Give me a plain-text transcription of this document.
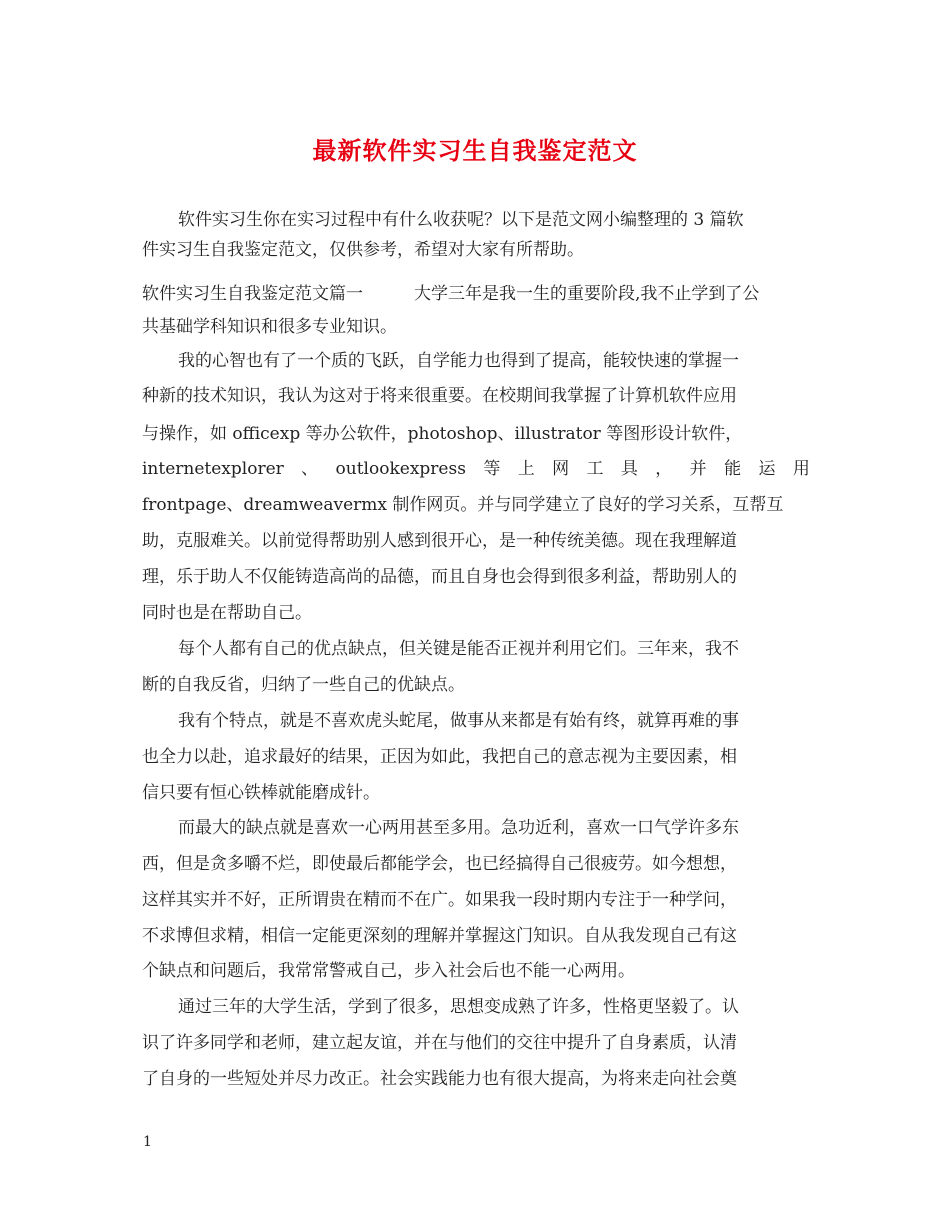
最新软件实习生自我鉴定范文
软件实习生你在实习过程中有什么收获呢？以下是范文网小编整理的 3 篇软
件实习生自我鉴定范文，仅供参考，希望对大家有所帮助。
软件实习生自我鉴定范文篇一　　　大学三年是我一生的重要阶段,我不止学到了公
共基础学科知识和很多专业知识。
我的心智也有了一个质的飞跃，自学能力也得到了提高，能较快速的掌握一
种新的技术知识，我认为这对于将来很重要。在校期间我掌握了计算机软件应用
与操作，如 officexp 等办公软件，photoshop、illustrator 等图形设计软件，
internetexplorer 、 outlookexpress 等 上 网 工 具 ， 并 能 运 用
frontpage、dreamweavermx 制作网页。并与同学建立了良好的学习关系，互帮互
助，克服难关。以前觉得帮助别人感到很开心，是一种传统美德。现在我理解道
理，乐于助人不仅能铸造高尚的品德，而且自身也会得到很多利益，帮助别人的
同时也是在帮助自己。
每个人都有自己的优点缺点，但关键是能否正视并利用它们。三年来，我不
断的自我反省，归纳了一些自己的优缺点。
我有个特点，就是不喜欢虎头蛇尾，做事从来都是有始有终，就算再难的事
也全力以赴，追求最好的结果，正因为如此，我把自己的意志视为主要因素，相
信只要有恒心铁棒就能磨成针。
而最大的缺点就是喜欢一心两用甚至多用。急功近利，喜欢一口气学许多东
西，但是贪多嚼不烂，即使最后都能学会，也已经搞得自己很疲劳。如今想想，
这样其实并不好，正所谓贵在精而不在广。如果我一段时期内专注于一种学问，
不求博但求精，相信一定能更深刻的理解并掌握这门知识。自从我发现自己有这
个缺点和问题后，我常常警戒自己，步入社会后也不能一心两用。
通过三年的大学生活，学到了很多，思想变成熟了许多，性格更坚毅了。认
识了许多同学和老师，建立起友谊，并在与他们的交往中提升了自身素质，认清
了自身的一些短处并尽力改正。社会实践能力也有很大提高，为将来走向社会奠
1
